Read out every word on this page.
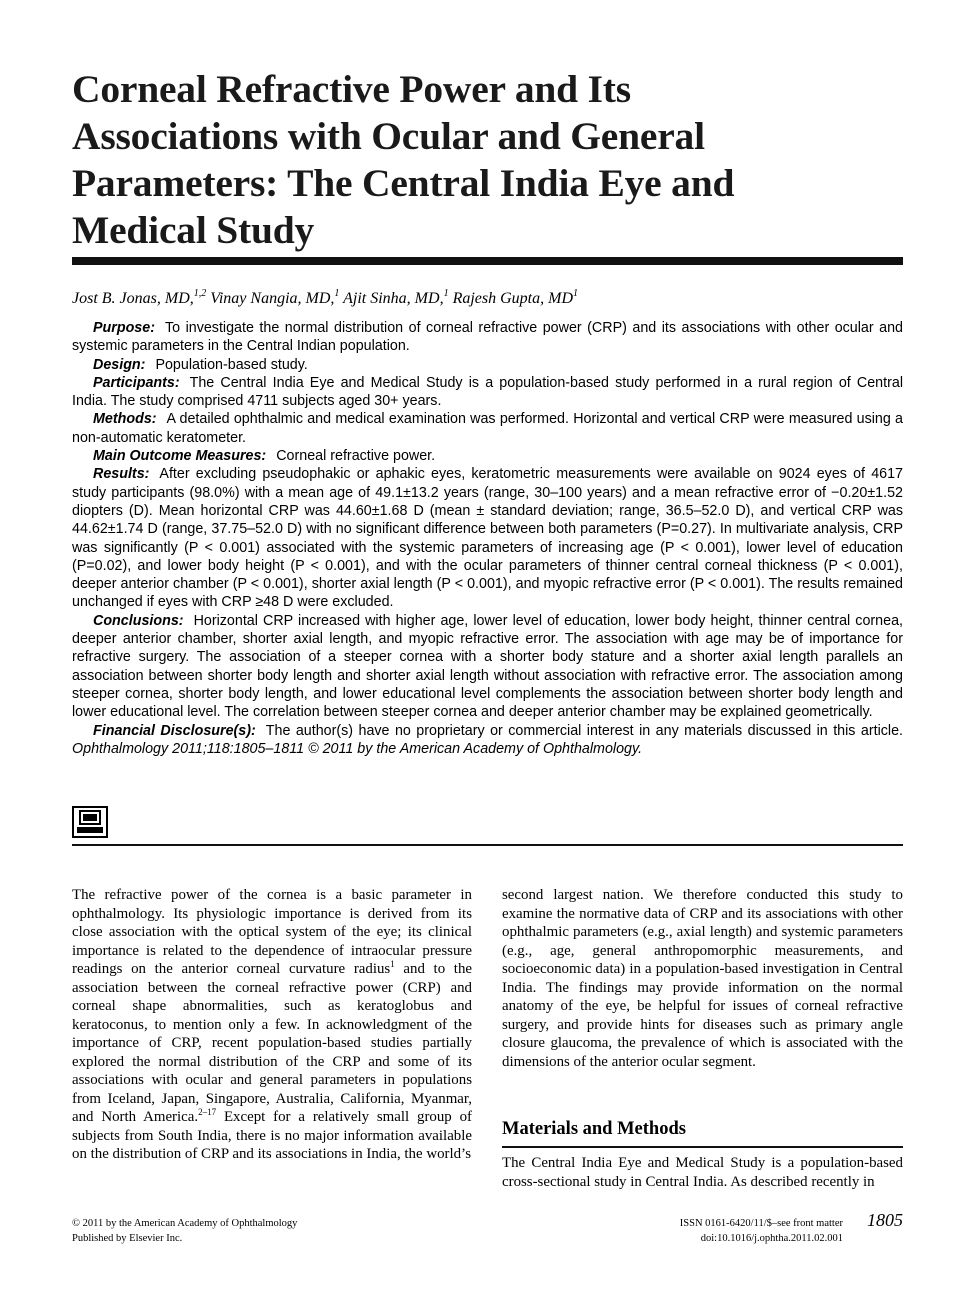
Corneal Refractive Power and Its Associations with Ocular and General Parameters: The Central India Eye and Medical Study
Jost B. Jonas, MD,$^{1,2}$ Vinay Nangia, MD,$^1$ Ajit Sinha, MD,$^1$ Rajesh Gupta, $MD^1$

Purpose: To investigate the normal distribution of corneal refractive power (CRP) and its associations with other ocular and systemic parameters in the Central Indian population.

Design: Population-based study.

Participants: The Central India Eye and Medical Study is a population-based study performed in a rural region of Central India. The study comprised 4711 subjects aged 30+ years.

Methods: A detailed ophthalmic and medical examination was performed. Horizontal and vertical CRP were measured using a non-automatic keratometer.

Main Outcome Measures: Corneal refractive power.

Results: After excluding pseudophakic or aphakic eyes, keratometric measurements were available on 9024 eyes of 4617 study participants (98.0%) with a mean age of 49.1±13.2 years (range, 30–100 years) and a mean refractive error of −0.20±1.52 diopters (D). Mean horizontal CRP was 44.60±1.68 D (mean ± standard deviation; range, 36.5–52.0 D), and vertical CRP was 44.62±1.74 D (range, 37.75–52.0 D) with no significant difference between both parameters (P=0.27). In multivariate analysis, CRP was significantly (P < 0.001) associated with the systemic parameters of increasing age (P < 0.001), lower level of education (P=0.02), and lower body height (P < 0.001), and with the ocular parameters of thinner central corneal thickness (P < 0.001), deeper anterior chamber (P < 0.001), shorter axial length (P < 0.001), and myopic refractive error (P < 0.001). The results remained unchanged if eyes with CRP ≥48 D were excluded.

Conclusions: Horizontal CRP increased with higher age, lower level of education, lower body height, thinner central cornea, deeper anterior chamber, shorter axial length, and myopic refractive error. The association with age may be of importance for refractive surgery. The association of a steeper cornea with a shorter body stature and a shorter axial length parallels an association between shorter body length and shorter axial length without association with refractive error. The association among steeper cornea, shorter body length, and lower educational level complements the association between shorter body length and lower educational level. The correlation between steeper cornea and deeper anterior chamber may be explained geometrically.

Financial Disclosure(s): The author(s) have no proprietary or commercial interest in any materials discussed in this article. Ophthalmology 2011;118:1805–1811 © 2011 by the American Academy of Ophthalmology.

The refractive power of the cornea is a basic parameter in ophthalmology. Its physiologic importance is derived from its close association with the optical system of the eye; its clinical importance is related to the dependence of intraocular pressure readings on the anterior corneal curvature radius$^1$ and to the association between the corneal refractive power (CRP) and corneal shape abnormalities, such as keratoglobus and keratoconus, to mention only a few. In acknowledgment of the importance of CRP, recent population-based studies partially explored the normal distribution of the CRP and some of its associations with ocular and general parameters in populations from Iceland, Japan, Singapore, Australia, California, Myanmar, and North America.$^{2-17}$ Except for a relatively small group of subjects from South India, there is no major information available on the distribution of CRP and its associations in India, the world’s

second largest nation. We therefore conducted this study to examine the normative data of CRP and its associations with other ophthalmic parameters (e.g., axial length) and systemic parameters (e.g., age, general anthropomorphic measurements, and socioeconomic data) in a population-based investigation in Central India. The findings may provide information on the normal anatomy of the eye, be helpful for issues of corneal refractive surgery, and provide hints for diseases such as primary angle closure glaucoma, the prevalence of which is associated with the dimensions of the anterior ocular segment.

Materials and Methods

The Central India Eye and Medical Study is a population-based cross-sectional study in Central India. As described recently in

© 2011 by the American Academy of Ophthalmology
Published by Elsevier Inc.
ISSN 0161-6420/11/$–see front matter
doi:10.1016/j.ophtha.2011.02.001
1805
